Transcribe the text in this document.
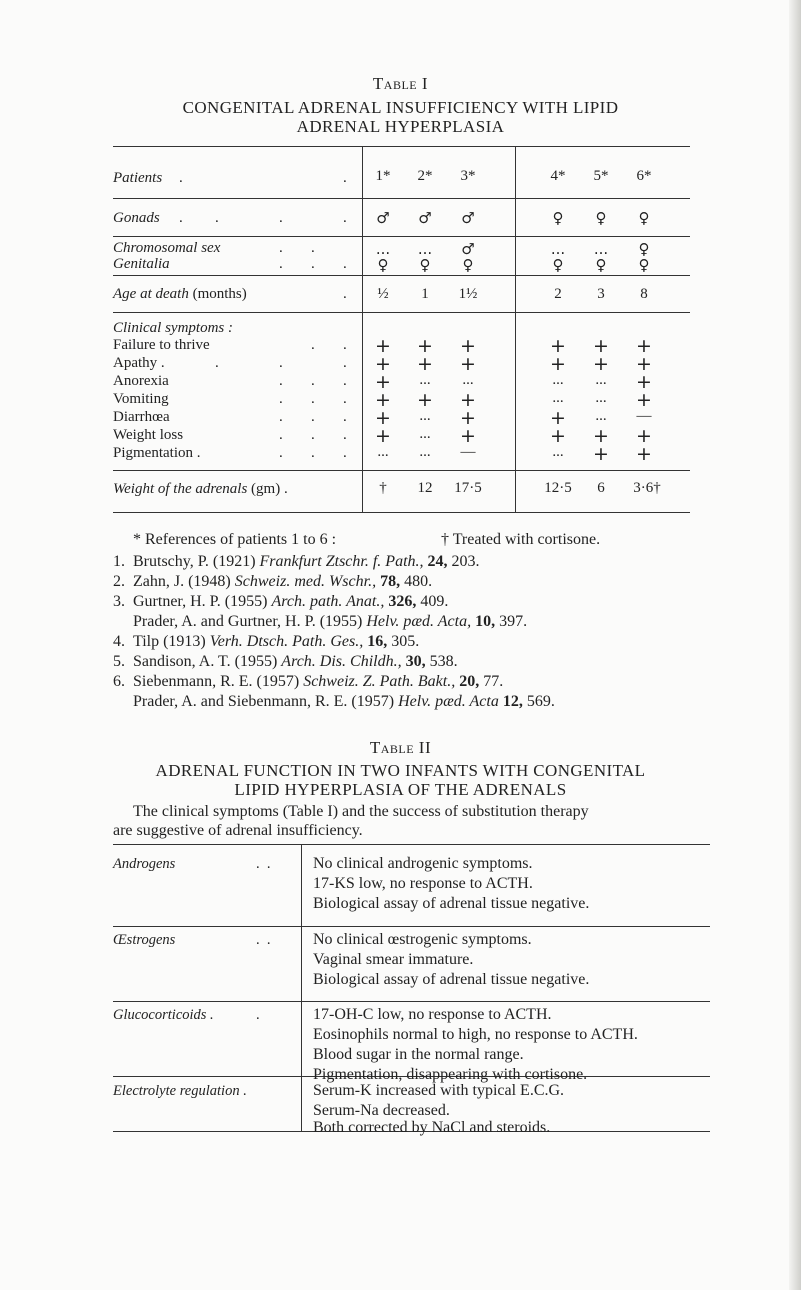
Table I
CONGENITAL ADRENAL INSUFFICIENCY WITH LIPID
ADRENAL HYPERPLASIA
Patients .	.	1*	2*	3*	4*	5*	6*
Gonads . .	.	.	♂	♂	♂	♀	♀	♀
Chromosomal sex	. .	...	...	♂	...	...	♀
Genitalia	. . .	♀	♀	♀	♀	♀	♀
Age at death (months)	.	½	1	1½	2	3	8
Clinical symptoms :
Failure to thrive	. .	+	+	+	+	+	+
Apathy .	.	.	.	+	+	+	+	+	+
Anorexia	. . .	+	...	...	...	...	+
Vomiting	. . .	+	+	+	...	...	+
Diarrhœa	. . .	+	...	+	+	...	—
Weight loss	. . .	+	...	+	+	+	+
Pigmentation .	. . .	...	...	—	...	+	+
Weight of the adrenals (gm) .	†	12	17·5	12·5	6	3·6†
* References of patients 1 to 6 :	† Treated with cortisone.
1. Brutschy, P. (1921) Frankfurt Ztschr. f. Path., 24, 203.
2. Zahn, J. (1948) Schweiz. med. Wschr., 78, 480.
3. Gurtner, H. P. (1955) Arch. path. Anat., 326, 409.
Prader, A. and Gurtner, H. P. (1955) Helv. pæd. Acta, 10, 397.
4. Tilp (1913) Verh. Dtsch. Path. Ges., 16, 305.
5. Sandison, A. T. (1955) Arch. Dis. Childh., 30, 538.
6. Siebenmann, R. E. (1957) Schweiz. Z. Path. Bakt., 20, 77.
Prader, A. and Siebenmann, R. E. (1957) Helv. pæd. Acta 12, 569.
Table II
ADRENAL FUNCTION IN TWO INFANTS WITH CONGENITAL
LIPID HYPERPLASIA OF THE ADRENALS
The clinical symptoms (Table I) and the success of substitution therapy
are suggestive of adrenal insufficiency.
Androgens	.  .	No clinical androgenic symptoms.
17-KS low, no response to ACTH.
Biological assay of adrenal tissue negative.
Œstrogens	.  .	No clinical œstrogenic symptoms.
Vaginal smear immature.
Biological assay of adrenal tissue negative.
Glucocorticoids .	.	17-OH-C low, no response to ACTH.
Eosinophils normal to high, no response to ACTH.
Blood sugar in the normal range.
Pigmentation, disappearing with cortisone.
Electrolyte regulation .	Serum-K increased with typical E.C.G.
Serum-Na decreased.
Both corrected by NaCl and steroids.
